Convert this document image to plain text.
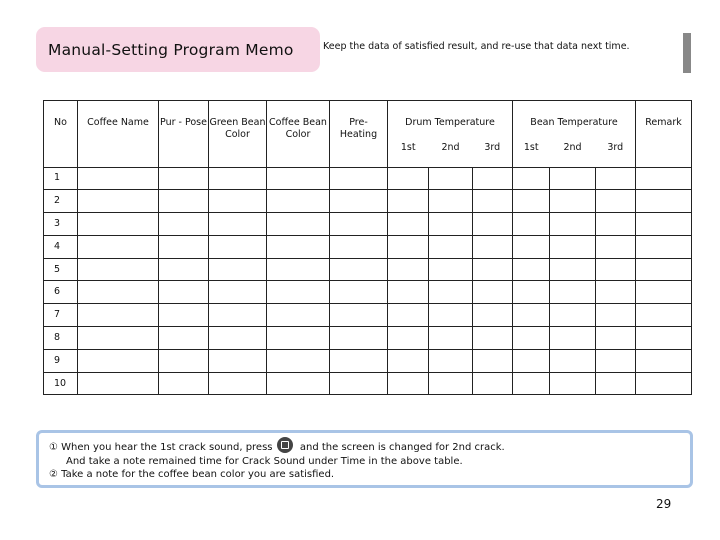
Manual-Setting Program Memo	Keep the data of satisfied result, and re-use that data next time.
No	Coffee Name	Pur - Pose	Green Bean Color	Coffee Bean Color	Pre- Heating	Drum Temperature			Bean Temperature			Remark
						1st	2nd	3rd	1st	2nd	3rd	
1												
2												
3												
4												
5												
6												
7												
8												
9												
10												
① When you hear the 1st crack sound, press	and the screen is changed for 2nd crack.
And take a note remained time for Crack Sound under Time in the above table.
② Take a note for the coffee bean color you are satisfied.
29
